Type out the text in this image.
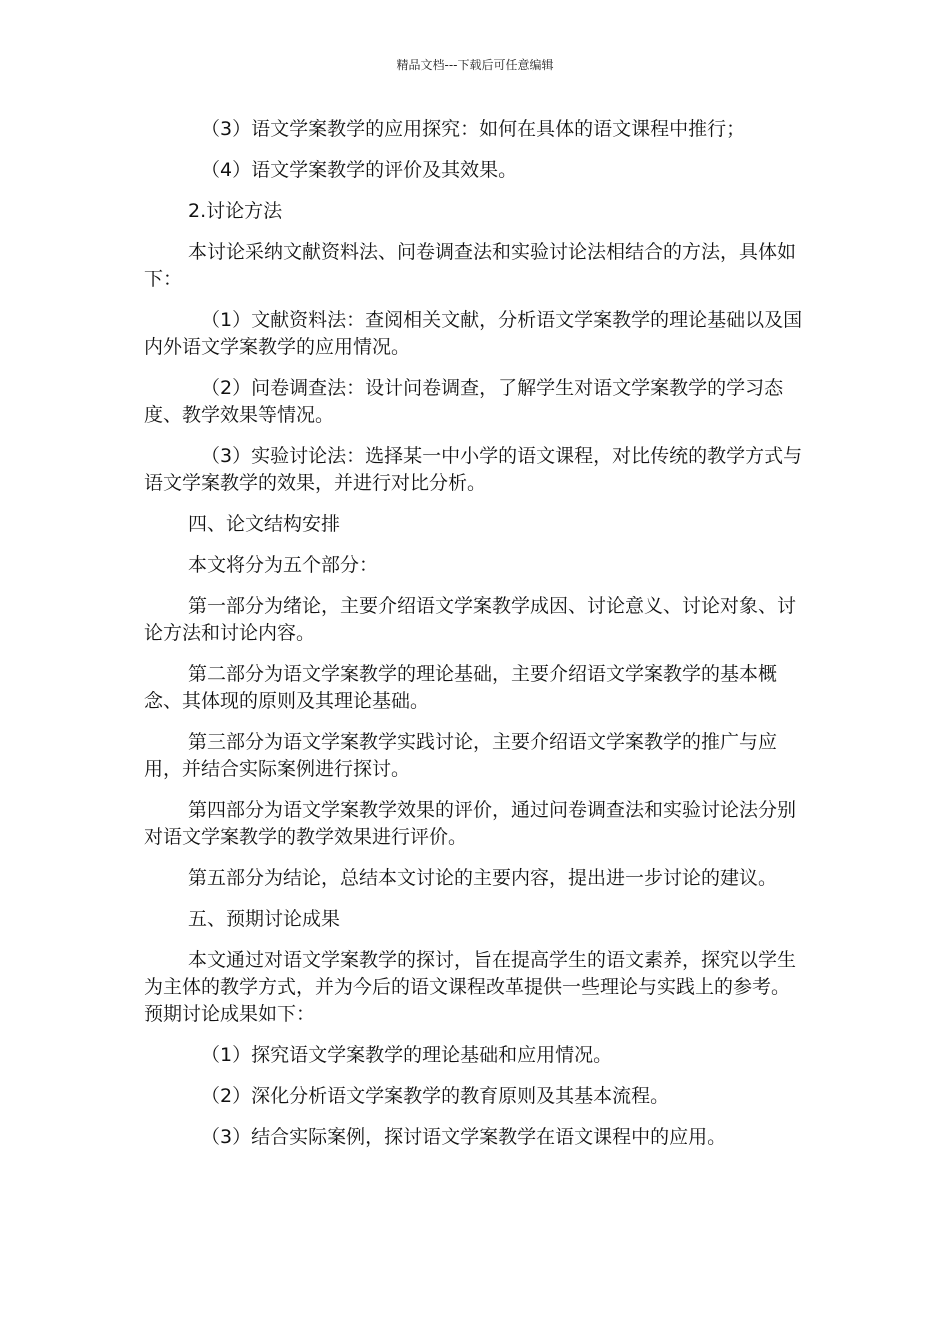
精品文档---下载后可任意编辑

（3）语文学案教学的应用探究：如何在具体的语文课程中推行；

（4）语文学案教学的评价及其效果。

2.讨论方法

本讨论采纳文献资料法、问卷调查法和实验讨论法相结合的方法，具体如下：

（1）文献资料法：查阅相关文献，分析语文学案教学的理论基础以及国内外语文学案教学的应用情况。

（2）问卷调查法：设计问卷调查，了解学生对语文学案教学的学习态度、教学效果等情况。

（3）实验讨论法：选择某一中小学的语文课程，对比传统的教学方式与语文学案教学的效果，并进行对比分析。

四、论文结构安排

本文将分为五个部分：

第一部分为绪论，主要介绍语文学案教学成因、讨论意义、讨论对象、讨论方法和讨论内容。

第二部分为语文学案教学的理论基础，主要介绍语文学案教学的基本概念、其体现的原则及其理论基础。

第三部分为语文学案教学实践讨论，主要介绍语文学案教学的推广与应用，并结合实际案例进行探讨。

第四部分为语文学案教学效果的评价，通过问卷调查法和实验讨论法分别对语文学案教学的教学效果进行评价。

第五部分为结论，总结本文讨论的主要内容，提出进一步讨论的建议。

五、预期讨论成果

本文通过对语文学案教学的探讨，旨在提高学生的语文素养，探究以学生为主体的教学方式，并为今后的语文课程改革提供一些理论与实践上的参考。预期讨论成果如下：

（1）探究语文学案教学的理论基础和应用情况。

（2）深化分析语文学案教学的教育原则及其基本流程。

（3）结合实际案例，探讨语文学案教学在语文课程中的应用。
